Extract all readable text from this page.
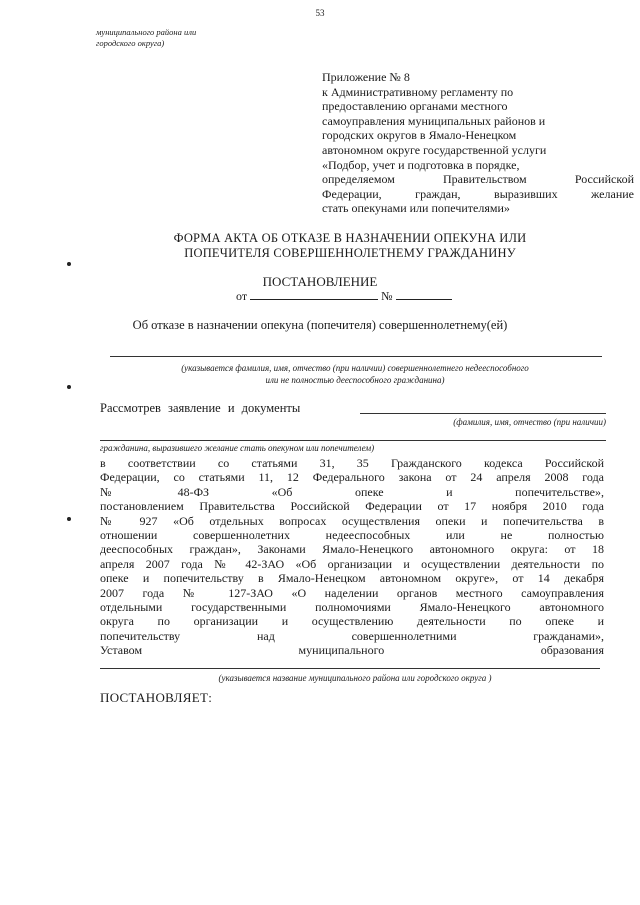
53
муниципального района или
городского округа)
Приложение № 8
к Административному регламенту по
предоставлению органами местного
самоуправления муниципальных районов и
городских округов в Ямало-Ненецком
автономном округе государственной услуги
«Подбор, учет и подготовка в порядке,
определяемом Правительством Российской
Федерации, граждан, выразивших желание
стать опекунами или попечителями»
ФОРМА АКТА ОБ ОТКАЗЕ В НАЗНАЧЕНИИ ОПЕКУНА ИЛИ
ПОПЕЧИТЕЛЯ СОВЕРШЕННОЛЕТНЕМУ ГРАЖДАНИНУ
ПОСТАНОВЛЕНИЕ
от	№
Об отказе в назначении опекуна (попечителя) совершеннолетнему(ей)
(указывается фамилия, имя, отчество (при наличии) совершеннолетнего недееспособного
или не полностью дееспособного гражданина)
Рассмотрев заявление и документы
(фамилия, имя, отчество (при наличии)
гражданина, выразившего желание стать опекуном или попечителем)
в соответствии со статьями 31, 35 Гражданского кодекса Российской
Федерации, со статьями 11, 12 Федерального закона от 24 апреля 2008 года
№ 48-ФЗ «Об опеке и попечительстве»,
постановлением Правительства Российской Федерации от 17 ноября 2010 года
№ 927 «Об отдельных вопросах осуществления опеки и попечительства в
отношении совершеннолетних недееспособных или не полностью
дееспособных граждан», Законами Ямало-Ненецкого автономного округа: от 18
апреля 2007 года № 42-ЗАО «Об организации и осуществлении деятельности по
опеке и попечительству в Ямало-Ненецком автономном округе», от 14 декабря
2007 года № 127-ЗАО «О наделении органов местного самоуправления
отдельными государственными полномочиями Ямало-Ненецкого автономного
округа по организации и осуществлению деятельности по опеке и
попечительству над совершеннолетними гражданами»,
Уставом муниципального образования
(указывается название муниципального района или городского округа )
ПОСТАНОВЛЯЕТ:
